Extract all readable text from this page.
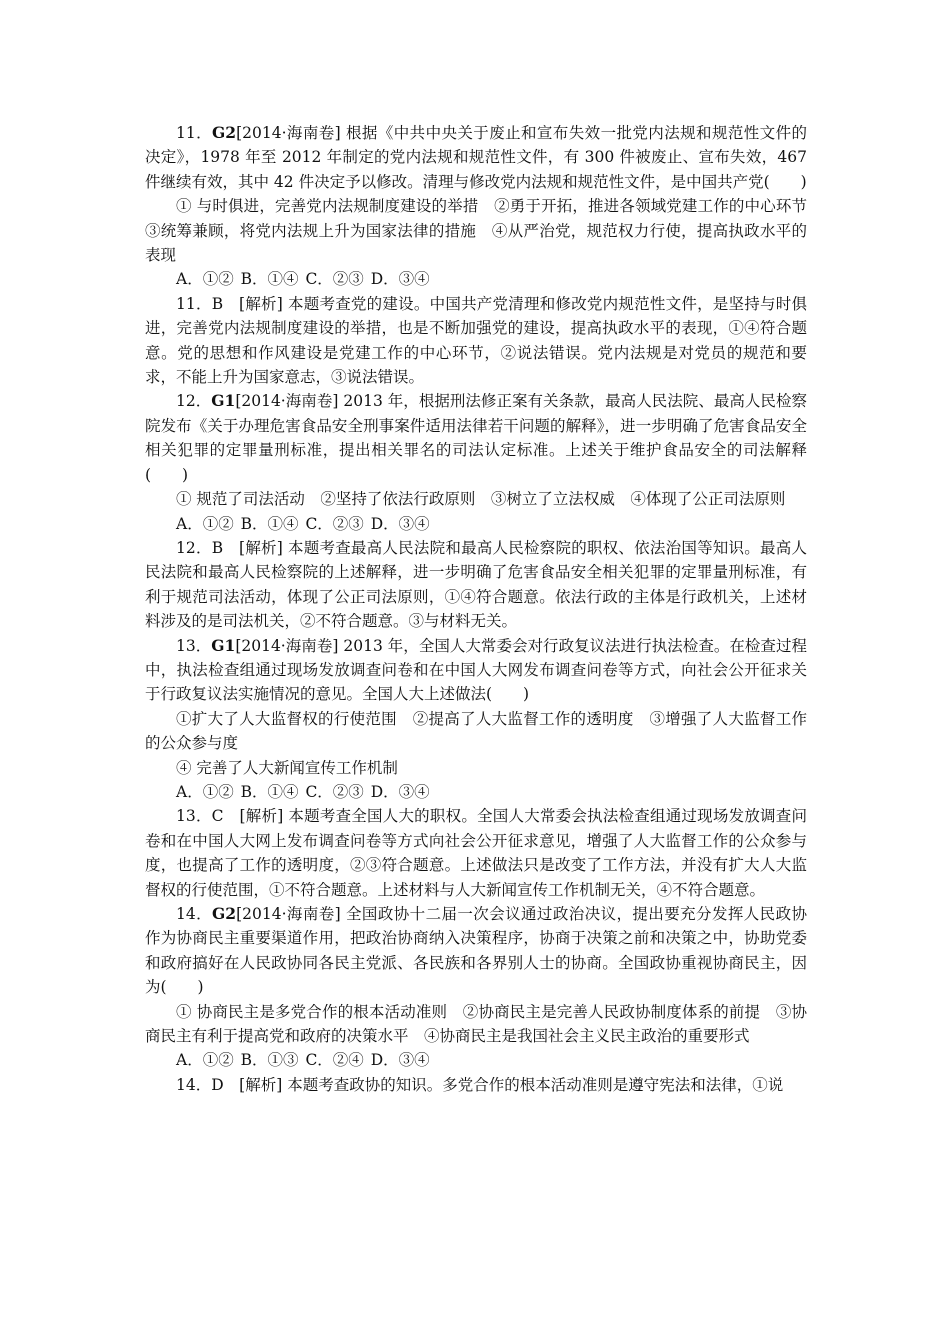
11．G2[2014·海南卷] 根据《中共中央关于废止和宣布失效一批党内法规和规范性文件的决定》，1978 年至 2012 年制定的党内法规和规范性文件，有 300 件被废止、宣布失效，467 件继续有效，其中 42 件决定予以修改。清理与修改党内法规和规范性文件，是中国共产党(　　)

① 与时俱进，完善党内法规制度建设的举措　②勇于开拓，推进各领域党建工作的中心环节　③统筹兼顾，将党内法规上升为国家法律的措施　④从严治党，规范权力行使，提高执政水平的表现

A．①② B．①④ C．②③ D．③④

11．B　[解析] 本题考查党的建设。中国共产党清理和修改党内规范性文件，是坚持与时俱进，完善党内法规制度建设的举措，也是不断加强党的建设，提高执政水平的表现，①④符合题意。党的思想和作风建设是党建工作的中心环节，②说法错误。党内法规是对党员的规范和要求，不能上升为国家意志，③说法错误。

12．G1[2014·海南卷] 2013 年，根据刑法修正案有关条款，最高人民法院、最高人民检察院发布《关于办理危害食品安全刑事案件适用法律若干问题的解释》，进一步明确了危害食品安全相关犯罪的定罪量刑标准，提出相关罪名的司法认定标准。上述关于维护食品安全的司法解释(　　)

① 规范了司法活动　②坚持了依法行政原则　③树立了立法权威　④体现了公正司法原则

A．①② B．①④ C．②③ D．③④

12．B　[解析] 本题考查最高人民法院和最高人民检察院的职权、依法治国等知识。最高人民法院和最高人民检察院的上述解释，进一步明确了危害食品安全相关犯罪的定罪量刑标准，有利于规范司法活动，体现了公正司法原则，①④符合题意。依法行政的主体是行政机关，上述材料涉及的是司法机关，②不符合题意。③与材料无关。

13．G1[2014·海南卷] 2013 年，全国人大常委会对行政复议法进行执法检查。在检查过程中，执法检查组通过现场发放调查问卷和在中国人大网发布调查问卷等方式，向社会公开征求关于行政复议法实施情况的意见。全国人大上述做法(　　)

①扩大了人大监督权的行使范围　②提高了人大监督工作的透明度　③增强了人大监督工作的公众参与度

④ 完善了人大新闻宣传工作机制

A．①② B．①④ C．②③ D．③④

13．C　[解析] 本题考查全国人大的职权。全国人大常委会执法检查组通过现场发放调查问卷和在中国人大网上发布调查问卷等方式向社会公开征求意见，增强了人大监督工作的公众参与度，也提高了工作的透明度，②③符合题意。上述做法只是改变了工作方法，并没有扩大人大监督权的行使范围，①不符合题意。上述材料与人大新闻宣传工作机制无关，④不符合题意。

14．G2[2014·海南卷] 全国政协十二届一次会议通过政治决议，提出要充分发挥人民政协作为协商民主重要渠道作用，把政治协商纳入决策程序，协商于决策之前和决策之中，协助党委和政府搞好在人民政协同各民主党派、各民族和各界别人士的协商。全国政协重视协商民主，因为(　　)

① 协商民主是多党合作的根本活动准则　②协商民主是完善人民政协制度体系的前提　③协商民主有利于提高党和政府的决策水平　④协商民主是我国社会主义民主政治的重要形式

A．①② B．①③ C．②④ D．③④

14．D　[解析] 本题考查政协的知识。多党合作的根本活动准则是遵守宪法和法律，①说
